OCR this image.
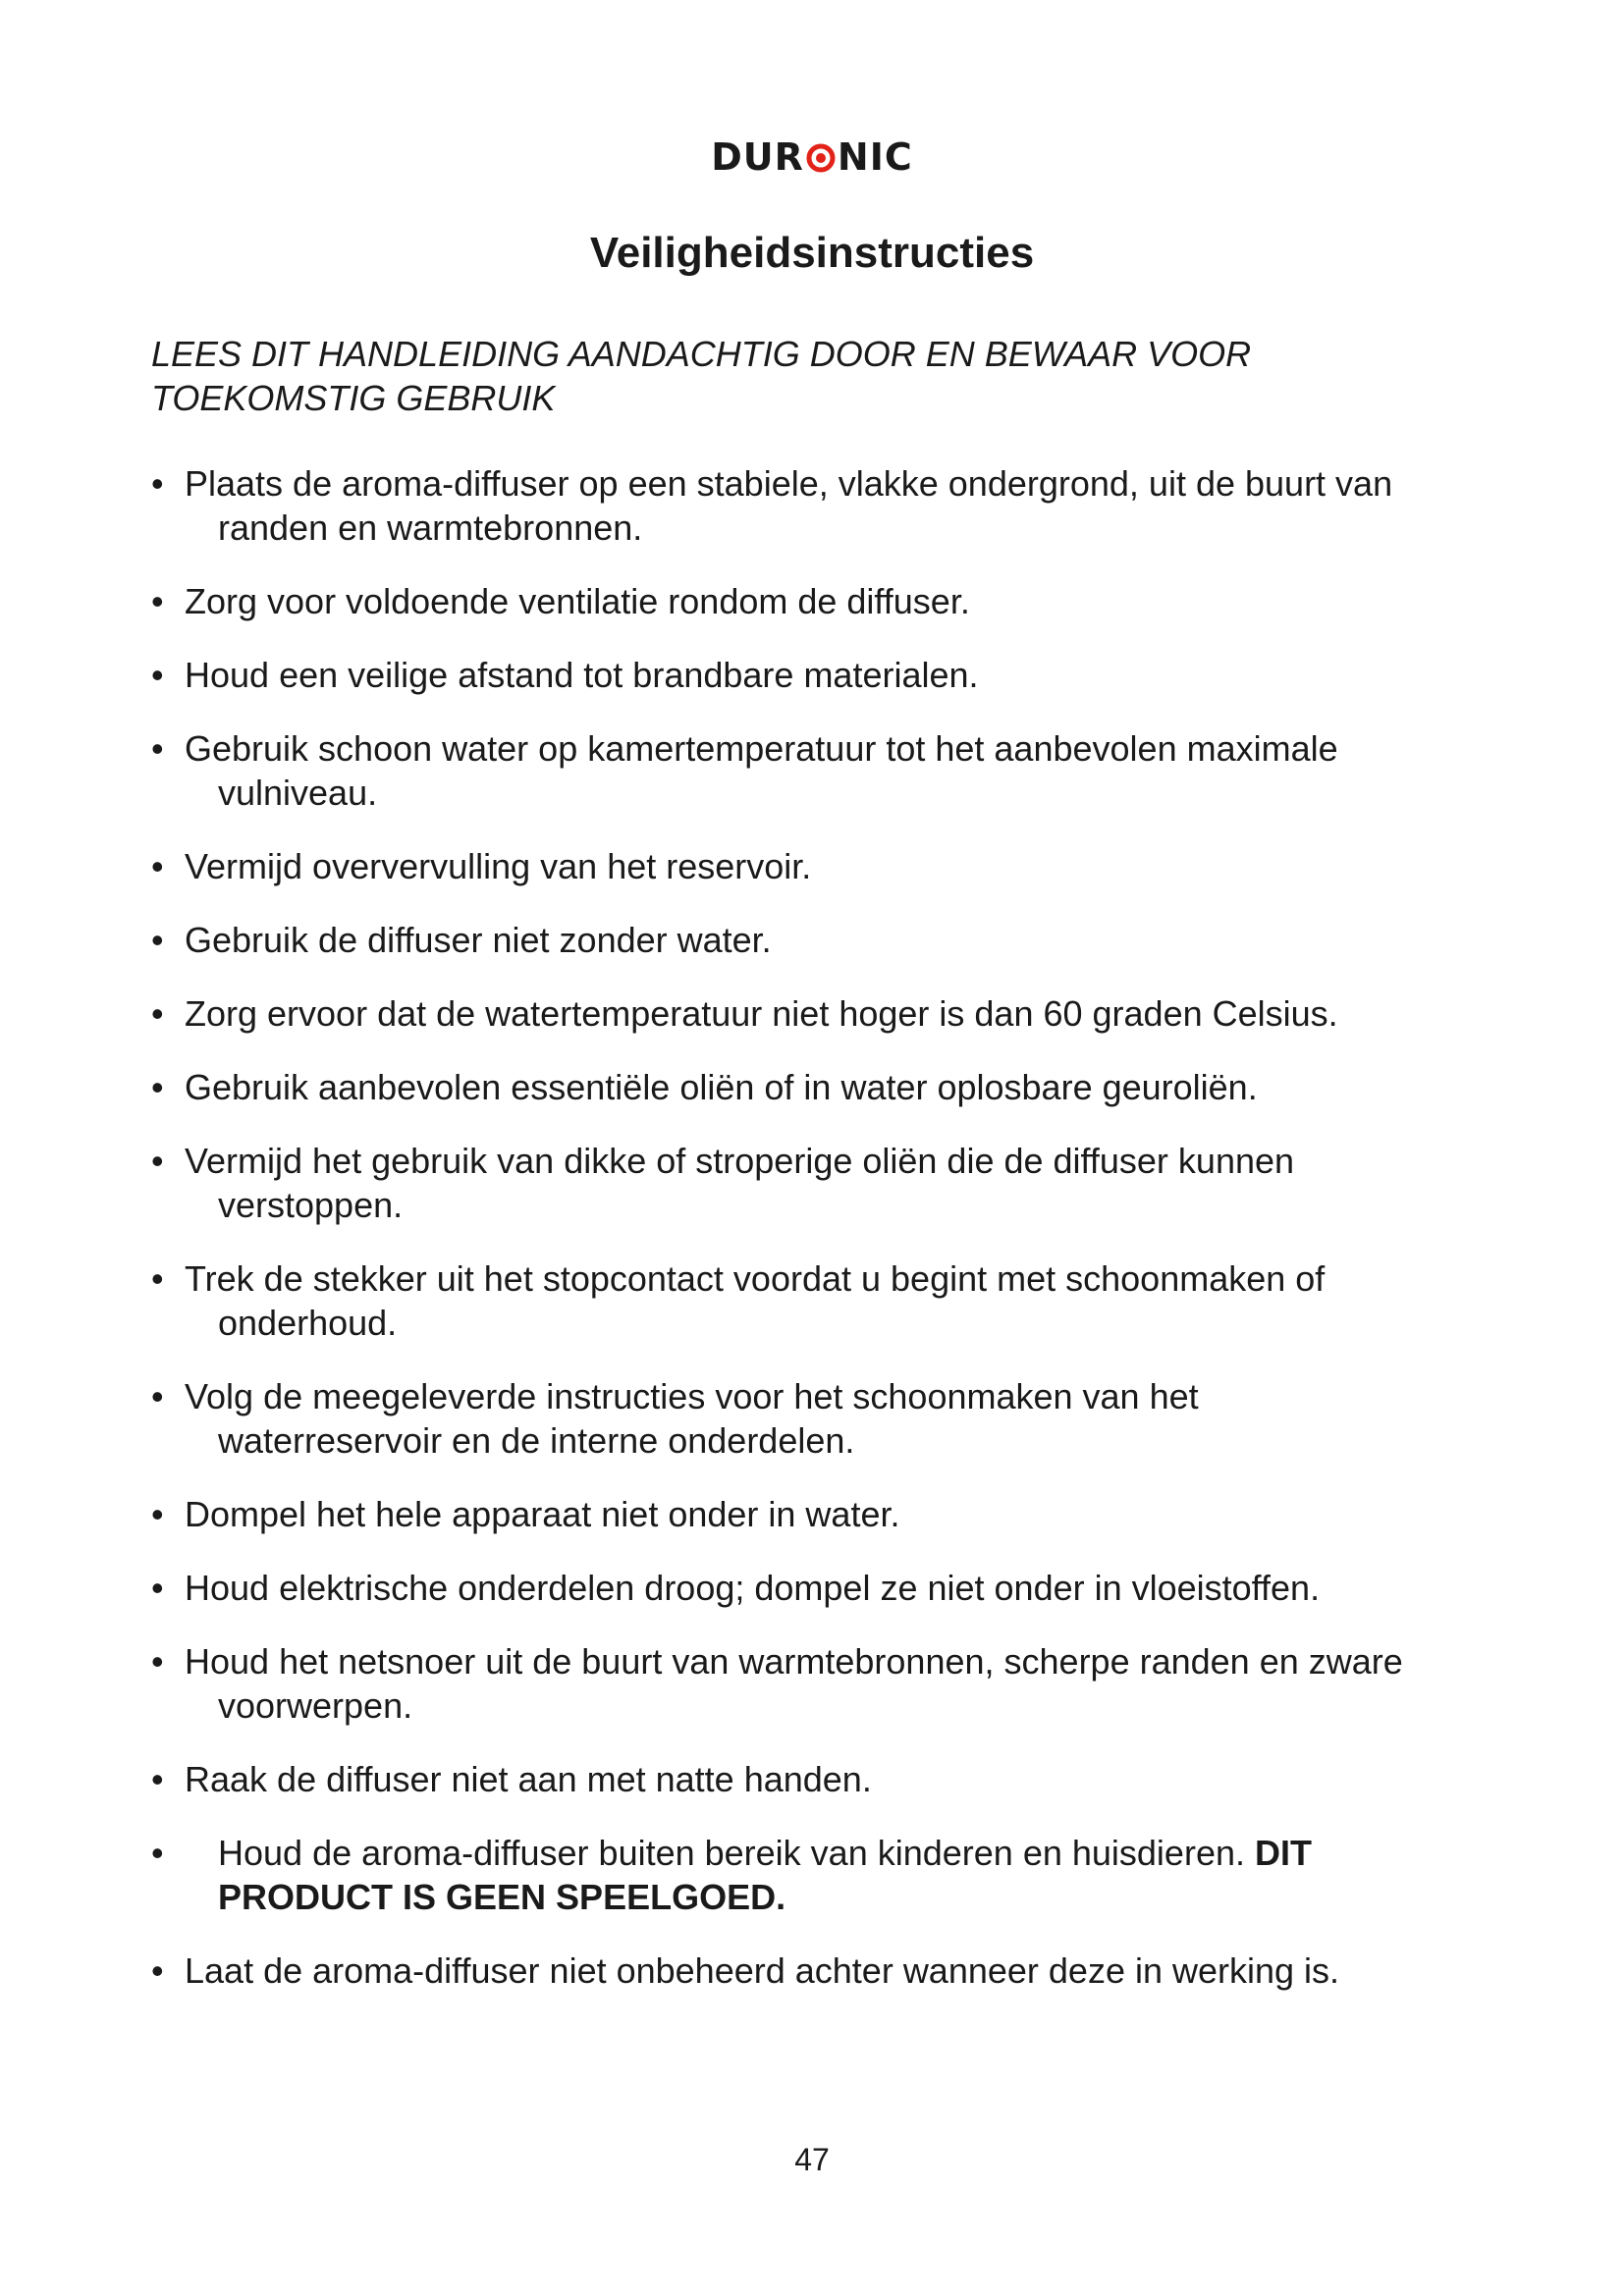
DUR NIC
Veiligheidsinstructies

LEES DIT HANDLEIDING AANDACHTIG DOOR EN BEWAAR VOOR TOEKOMSTIG GEBRUIK

• Plaats de aroma-diffuser op een stabiele, vlakke ondergrond, uit de buurt van
randen en warmtebronnen.
• Zorg voor voldoende ventilatie rondom de diffuser.
• Houd een veilige afstand tot brandbare materialen.
• Gebruik schoon water op kamertemperatuur tot het aanbevolen maximale
vulniveau.
• Vermijd oververvulling van het reservoir.
• Gebruik de diffuser niet zonder water.
• Zorg ervoor dat de watertemperatuur niet hoger is dan 60 graden Celsius.
• Gebruik aanbevolen essentiële oliën of in water oplosbare geuroliën.
• Vermijd het gebruik van dikke of stroperige oliën die de diffuser kunnen
verstoppen.
• Trek de stekker uit het stopcontact voordat u begint met schoonmaken of
onderhoud.
• Volg de meegeleverde instructies voor het schoonmaken van het
waterreservoir en de interne onderdelen.
• Dompel het hele apparaat niet onder in water.
• Houd elektrische onderdelen droog; dompel ze niet onder in vloeistoffen.
• Houd het netsnoer uit de buurt van warmtebronnen, scherpe randen en zware
voorwerpen.
• Raak de diffuser niet aan met natte handen.
• Houd de aroma-diffuser buiten bereik van kinderen en huisdieren. DIT
PRODUCT IS GEEN SPEELGOED.
• Laat de aroma-diffuser niet onbeheerd achter wanneer deze in werking is.
47
